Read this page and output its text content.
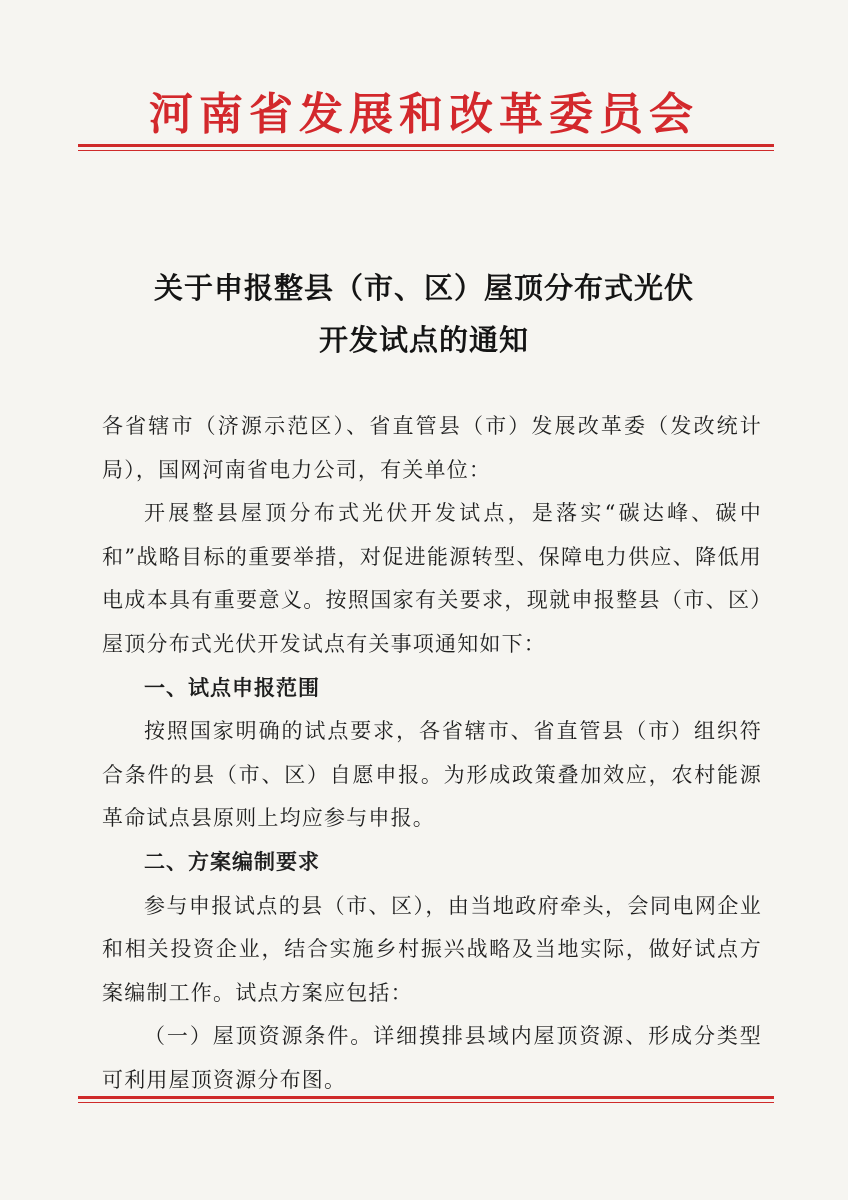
河南省发展和改革委员会
关于申报整县（市、区）屋顶分布式光伏
开发试点的通知

各省辖市（济源示范区）、省直管县（市）发展改革委（发改统计局），国网河南省电力公司，有关单位：

开展整县屋顶分布式光伏开发试点，是落实“碳达峰、碳中和”战略目标的重要举措，对促进能源转型、保障电力供应、降低用电成本具有重要意义。按照国家有关要求，现就申报整县（市、区）屋顶分布式光伏开发试点有关事项通知如下：

一、试点申报范围

按照国家明确的试点要求，各省辖市、省直管县（市）组织符合条件的县（市、区）自愿申报。为形成政策叠加效应，农村能源革命试点县原则上均应参与申报。

二、方案编制要求

参与申报试点的县（市、区），由当地政府牵头，会同电网企业和相关投资企业，结合实施乡村振兴战略及当地实际，做好试点方案编制工作。试点方案应包括：

（一）屋顶资源条件。详细摸排县域内屋顶资源、形成分类型可利用屋顶资源分布图。
